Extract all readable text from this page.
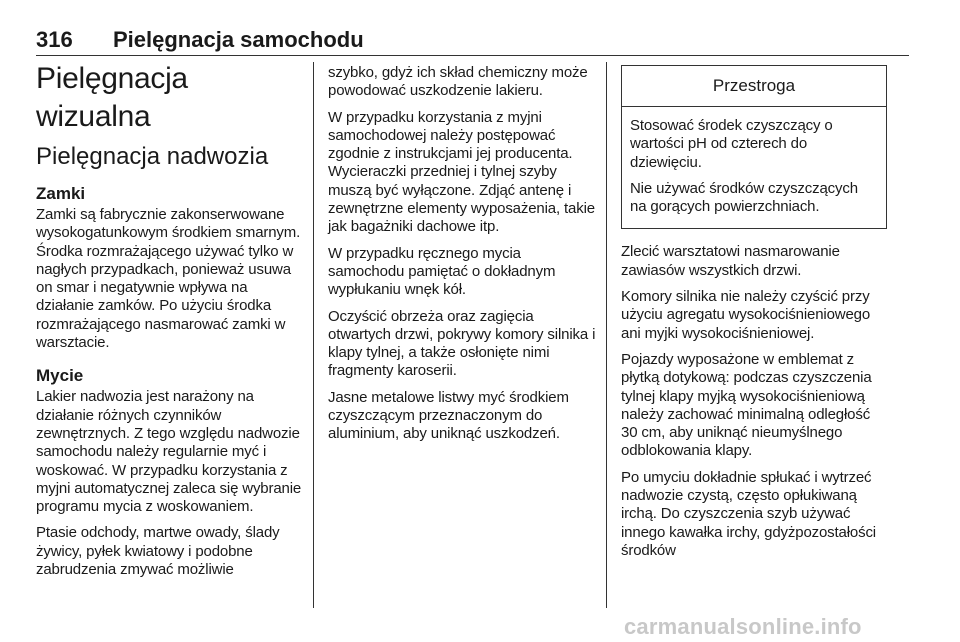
316 Pielęgnacja samochodu
Pielęgnacja wizualna
Pielęgnacja nadwozia
Zamki

Zamki są fabrycznie zakonserwowane wysokogatunkowym środkiem smarnym. Środka rozmrażającego używać tylko w nagłych przypadkach, ponieważ usuwa on smar i negatywnie wpływa na działanie zamków. Po użyciu środka rozmrażającego nasmarować zamki w warsztacie.

Mycie

Lakier nadwozia jest narażony na działanie różnych czynników zewnętrznych. Z tego względu nadwozie samochodu należy regularnie myć i woskować. W przypadku korzystania z myjni automatycznej zaleca się wybranie programu mycia z woskowaniem.

Ptasie odchody, martwe owady, ślady żywicy, pyłek kwiatowy i podobne zabrudzenia zmywać możliwie

szybko, gdyż ich skład chemiczny może powodować uszkodzenie lakieru.

W przypadku korzystania z myjni samochodowej należy postępować zgodnie z instrukcjami jej producenta. Wycieraczki przedniej i tylnej szyby muszą być wyłączone. Zdjąć antenę i zewnętrzne elementy wyposażenia, takie jak bagażniki dachowe itp.

W przypadku ręcznego mycia samochodu pamiętać o dokładnym wypłukaniu wnęk kół.

Oczyścić obrzeża oraz zagięcia otwartych drzwi, pokrywy komory silnika i klapy tylnej, a także osłonięte nimi fragmenty karoserii.

Jasne metalowe listwy myć środkiem czyszczącym przeznaczonym do aluminium, aby uniknąć uszkodzeń.

Przestroga

Stosować środek czyszczący o wartości pH od czterech do dziewięciu.

Nie używać środków czyszczących na gorących powierzchniach.

Zlecić warsztatowi nasmarowanie zawiasów wszystkich drzwi.

Komory silnika nie należy czyścić przy użyciu agregatu wysokociśnieniowego ani myjki wysokociśnieniowej.

Pojazdy wyposażone w emblemat z płytką dotykową: podczas czyszczenia tylnej klapy myjką wysokociśnieniową należy zachować minimalną odległość 30 cm, aby uniknąć nieumyślnego odblokowania klapy.

Po umyciu dokładnie spłukać i wytrzeć nadwozie czystą, często opłukiwaną irchą. Do czyszczenia szyb używać innego kawałka irchy, gdyżpozostałości środków

carmanualsonline.info
